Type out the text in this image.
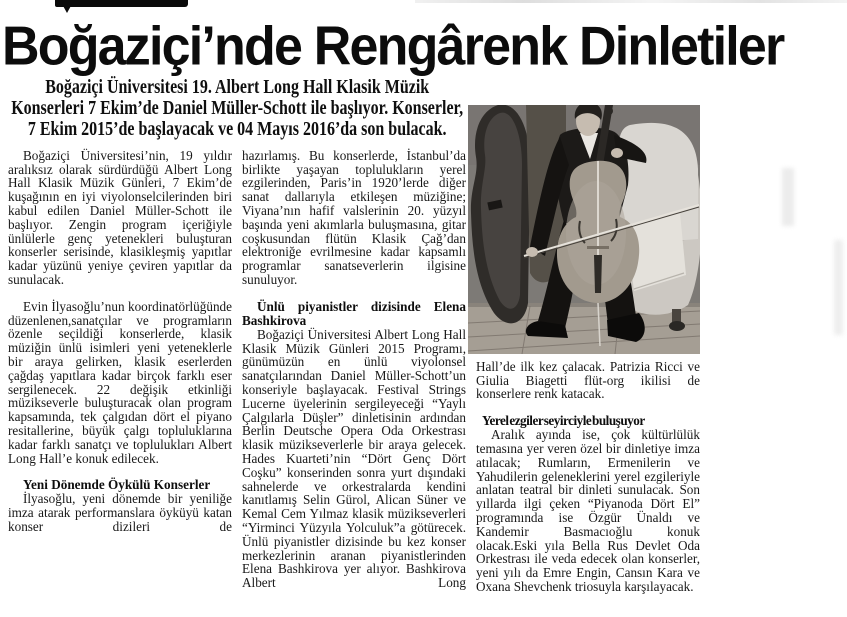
Boğaziçi’nde Rengârenk Dinletiler

Boğaziçi Üniversitesi 19. Albert Long Hall Klasik Müzik Konserleri 7 Ekim’de Daniel Müller-Schott ile başlıyor. Konserler, 7 Ekim 2015’de başlayacak ve 04 Mayıs 2016’da son bulacak.

Boğaziçi Üniversitesi’nin, 19 yıldır aralıksız olarak sürdürdüğü Albert Long Hall Klasik Müzik Günleri, 7 Ekim’de kuşağının en iyi viyolonselcilerinden biri kabul edilen Daniel Müller-Schott ile başlıyor. Zengin program içeriğiyle ünlülerle genç yetenekleri buluşturan konserler serisinde, klasikleşmiş yapıtlar kadar yüzünü yeniye çeviren yapıtlar da sunulacak.

Evin İlyasoğlu’nun koordinatörlüğünde düzenlenen,sanatçılar ve programların özenle seçildiği konserlerde, klasik müziğin ünlü isimleri yeni yeteneklerle bir araya gelirken, klasik eserlerden çağdaş yapıtlara kadar birçok farklı eser sergilenecek. 22 değişik etkinliği müzikseverle buluşturacak olan program kapsamında, tek çalgıdan dört el piyano resitallerine, büyük çalgı topluluklarına kadar farklı sanatçı ve toplulukları Albert Long Hall’e konuk edilecek.

Yeni Dönemde Öykülü Konserler

İlyasoğlu, yeni dönemde bir yeniliğe imza atarak performanslara öyküyü katan konser dizileri de

hazırlamış. Bu konserlerde, İstanbul’da birlikte yaşayan toplulukların yerel ezgilerinden, Paris’in 1920’lerde diğer sanat dallarıyla etkileşen müziğine; Viyana’nın hafif valslerinin 20. yüzyıl başında yeni akımlarla buluşmasına, gitar coşkusundan flütün Klasik Çağ’dan elektroniğe evrilmesine kadar kapsamlı programlar sanatseverlerin ilgisine sunuluyor.

Ünlü piyanistler dizisinde Elena Bashkirova

Boğaziçi Üniversitesi Albert Long Hall Klasik Müzik Günleri 2015 Programı, günümüzün en ünlü viyolonsel sanatçılarından Daniel Müller-Schott’un konseriyle başlayacak. Festival Strings Lucerne üyelerinin sergileyeceği “Yaylı Çalgılarla Düşler” dinletisinin ardından Berlin Deutsche Opera Oda Orkestrası klasik müzikseverlerle bir araya gelecek. Hades Kuarteti’nin “Dört Genç Dört Coşku” konserinden sonra yurt dışındaki sahnelerde ve orkestralarda kendini kanıtlamış Selin Gürol, Alican Süner ve Kemal Cem Yılmaz klasik müzikseverleri “Yirminci Yüzyıla Yolculuk”a götürecek. Ünlü piyanistler dizisinde bu kez konser merkezlerinin aranan piyanistlerinden Elena Bashkirova yer alıyor. Bashkirova Albert Long

Hall’de ilk kez çalacak. Patrizia Ricci ve Giulia Biagetti flüt-org ikilisi de konserlere renk katacak.

Yerel ezgiler seyirciyle buluşuyor

Aralık ayında ise, çok kültürlülük temasına yer veren özel bir dinletiye imza atılacak; Rumların, Ermenilerin ve Yahudilerin geleneklerini yerel ezgileriyle anlatan teatral bir dinleti sunulacak. Son yıllarda ilgi çeken “Piyanoda Dört El” programında ise Özgür Ünaldı ve Kandemir Basmacıoğlu konuk olacak.Eski yıla Bella Rus Devlet Oda Orkestrası ile veda edecek olan konserler, yeni yılı da Emre Engin, Cansın Kara ve Oxana Shevchenk triosuyla karşılayacak.
